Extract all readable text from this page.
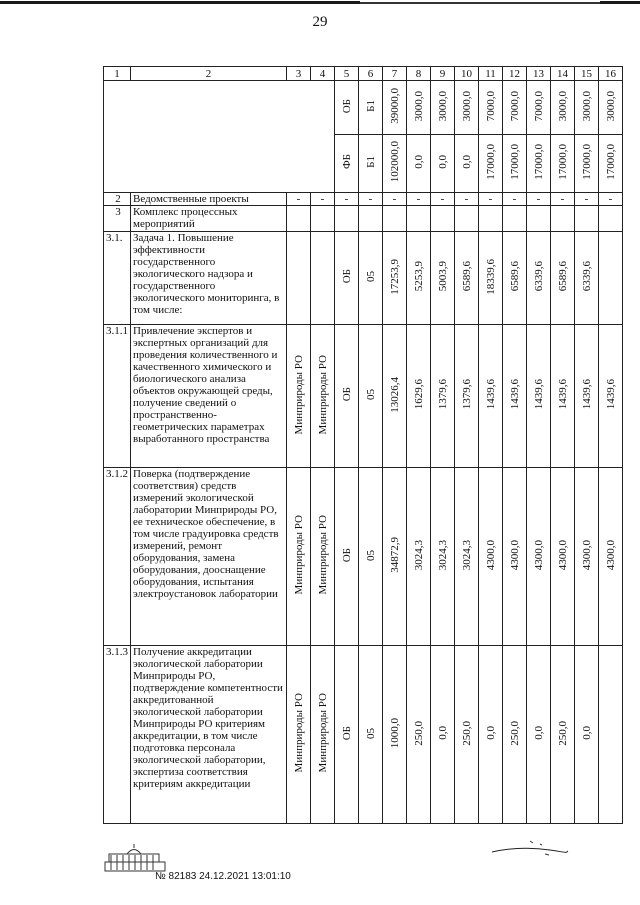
29
1	2	3	4	5	6	7	8	9	10	11	12	13	14	15	16
				ОБ	Б1	39000,0	3000,0	3000,0	3000,0	7000,0	7000,0	7000,0	3000,0	3000,0	3000,0
				ФБ	Б1	102000,0	0,0	0,0	0,0	17000,0	17000,0	17000,0	17000,0	17000,0	17000,0
2	Ведомственные проекты	-	-	-	-	-	-	-	-	-	-	-	-	-	-
3	Комплекс процессных мероприятий														
3.1.	Задача 1. Повышение эффективности государственного экологического надзора и государственного экологического мониторинга, в том числе:			ОБ	05	17253,9	5253,9	5003,9	6589,6	18339,6	6589,6	6339,6	6589,6	6339,6	
3.1.1	Привлечение экспертов и экспертных организаций для проведения количественного и качественного химического и биологического анализа объектов окружающей среды, получение сведений о пространственно-геометрических параметрах выработанного пространства	Минприроды РО	Минприроды РО	ОБ	05	13026,4	1629,6	1379,6	1379,6	1439,6	1439,6	1439,6	1439,6	1439,6	1439,6
3.1.2	Поверка (подтверждение соответствия) средств измерений экологической лаборатории Минприроды РО, ее техническое обеспечение, в том числе градуировка средств измерений, ремонт оборудования, замена оборудования, дооснащение оборудования, испытания электроустановок лаборатории	Минприроды РО	Минприроды РО	ОБ	05	34872,9	3024,3	3024,3	3024,3	4300,0	4300,0	4300,0	4300,0	4300,0	4300,0
3.1.3	Получение аккредитации экологической лаборатории Минприроды РО, подтверждение компетентности аккредитованной экологической лаборатории Минприроды РО критериям аккредитации, в том числе подготовка персонала экологической лаборатории, экспертиза соответствия критериям аккредитации	Минприроды РО	Минприроды РО	ОБ	05	1000,0	250,0	0,0	250,0	0,0	250,0	0,0	250,0	0,0	
№ 82183 24.12.2021 13:01:10
